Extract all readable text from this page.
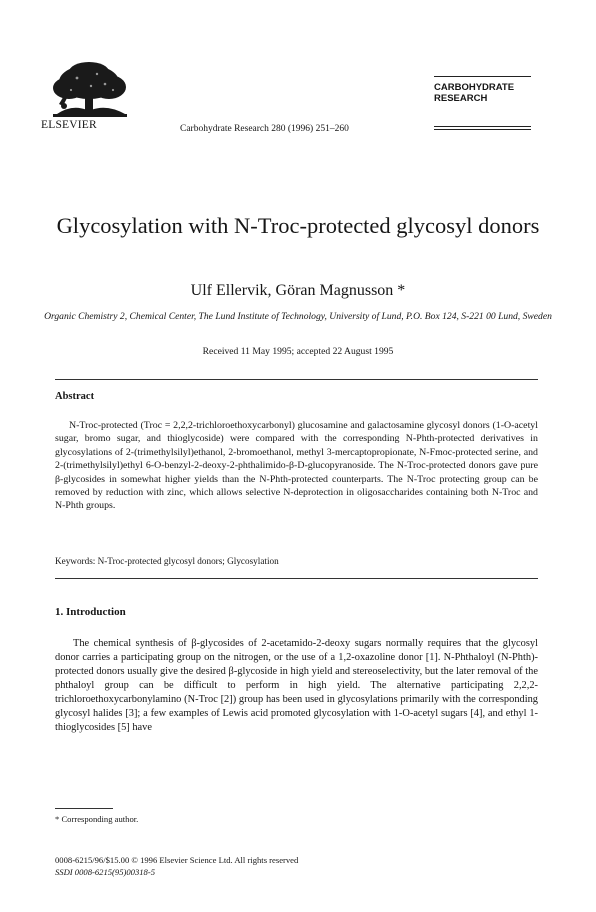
ELSEVIER	Carbohydrate Research 280 (1996) 251–260
CARBOHYDRATE
RESEARCH
Glycosylation with N-Troc-protected glycosyl donors
Ulf Ellervik, Göran Magnusson *
Organic Chemistry 2, Chemical Center, The Lund Institute of Technology, University of Lund, P.O. Box 124, S-221 00 Lund, Sweden
Received 11 May 1995; accepted 22 August 1995
Abstract
N-Troc-protected (Troc = 2,2,2-trichloroethoxycarbonyl) glucosamine and galactosamine glycosyl donors (1-O-acetyl sugar, bromo sugar, and thioglycoside) were compared with the corresponding N-Phth-protected derivatives in glycosylations of 2-(trimethylsilyl)ethanol, 2-bromoethanol, methyl 3-mercaptopropionate, N-Fmoc-protected serine, and 2-(trimethylsilyl)ethyl 6-O-benzyl-2-deoxy-2-phthalimido-β-D-glucopyranoside. The N-Troc-protected donors gave pure β-glycosides in somewhat higher yields than the N-Phth-protected counterparts. The N-Troc protecting group can be removed by reduction with zinc, which allows selective N-deprotection in oligosaccharides containing both N-Troc and N-Phth groups.
Keywords: N-Troc-protected glycosyl donors; Glycosylation
1. Introduction
The chemical synthesis of β-glycosides of 2-acetamido-2-deoxy sugars normally requires that the glycosyl donor carries a participating group on the nitrogen, or the use of a 1,2-oxazoline donor [1]. N-Phthaloyl (N-Phth)-protected donors usually give the desired β-glycoside in high yield and stereoselectivity, but the later removal of the phthaloyl group can be difficult to perform in high yield. The alternative participating 2,2,2-trichloroethoxycarbonylamino (N-Troc [2]) group has been used in glycosylations primarily with the corresponding glycosyl halides [3]; a few examples of Lewis acid promoted glycosylation with 1-O-acetyl sugars [4], and ethyl 1-thioglycosides [5] have
* Corresponding author.
0008-6215/96/$15.00 © 1996 Elsevier Science Ltd. All rights reserved
SSDI 0008-6215(95)00318-5
